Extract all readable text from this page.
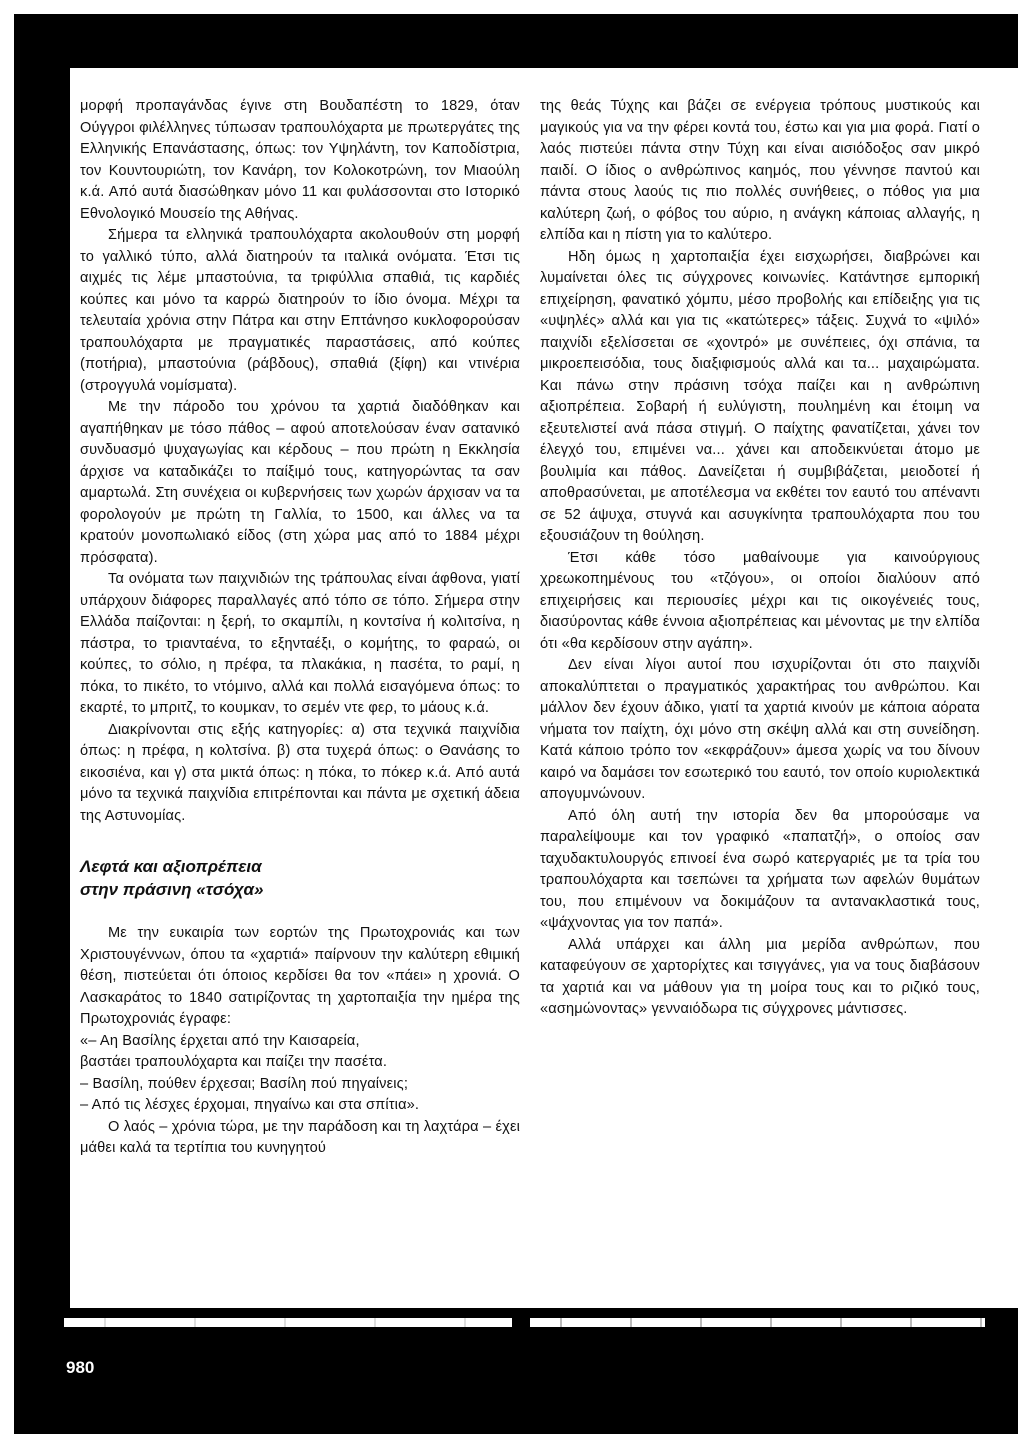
μορφή προπαγάνδας έγινε στη Βουδαπέστη το 1829, όταν Ούγγροι φιλέλληνες τύπωσαν τραπουλόχαρτα με πρωτεργάτες της Ελληνικής Επανάστασης, όπως: τον Υψηλάντη, τον Καποδίστρια, τον Κουντουριώτη, τον Κανάρη, τον Κολοκοτρώνη, τον Μιαούλη κ.ά. Από αυτά διασώθηκαν μόνο 11 και φυλάσσονται στο Ιστορικό Εθνολογικό Μουσείο της Αθήνας.

Σήμερα τα ελληνικά τραπουλόχαρτα ακολουθούν στη μορφή το γαλλικό τύπο, αλλά διατηρούν τα ιταλικά ονόματα. Έτσι τις αιχμές τις λέμε μπαστούνια, τα τριφύλλια σπαθιά, τις καρδιές κούπες και μόνο τα καρρώ διατηρούν το ίδιο όνομα. Μέχρι τα τελευταία χρόνια στην Πάτρα και στην Επτάνησο κυκλοφορούσαν τραπουλόχαρτα με πραγματικές παραστάσεις, από κούπες (ποτήρια), μπαστούνια (ράβδους), σπαθιά (ξίφη) και ντινέρια (στρογγυλά νομίσματα).

Με την πάροδο του χρόνου τα χαρτιά διαδόθηκαν και αγαπήθηκαν με τόσο πάθος – αφού αποτελούσαν έναν σατανικό συνδυασμό ψυχαγωγίας και κέρδους – που πρώτη η Εκκλησία άρχισε να καταδικάζει το παίξιμό τους, κατηγορώντας τα σαν αμαρτωλά. Στη συνέχεια οι κυβερνήσεις των χωρών άρχισαν να τα φορολογούν με πρώτη τη Γαλλία, το 1500, και άλλες να τα κρατούν μονοπωλιακό είδος (στη χώρα μας από το 1884 μέχρι πρόσφατα).

Τα ονόματα των παιχνιδιών της τράπουλας είναι άφθονα, γιατί υπάρχουν διάφορες παραλλαγές από τόπο σε τόπο. Σήμερα στην Ελλάδα παίζονται: η ξερή, το σκαμπίλι, η κοντσίνα ή κολιτσίνα, η πάστρα, το τριανταένα, το εξηνταέξι, ο κομήτης, το φαραώ, οι κούπες, το σόλιο, η πρέφα, τα πλακάκια, η πασέτα, το ραμί, η πόκα, το πικέτο, το ντόμινο, αλλά και πολλά εισαγόμενα όπως: το εκαρτέ, το μπριτζ, το κουμκαν, το σεμέν ντε φερ, το μάους κ.ά.

Διακρίνονται στις εξής κατηγορίες: α) στα τεχνικά παιχνίδια όπως: η πρέφα, η κολτσίνα. β) στα τυχερά όπως: ο Θανάσης το εικοσιένα, και γ) στα μικτά όπως: η πόκα, το πόκερ κ.ά. Από αυτά μόνο τα τεχνικά παιχνίδια επιτρέπονται και πάντα με σχετική άδεια της Αστυνομίας.

Λεφτά και αξιοπρέπεια
στην πράσινη «τσόχα»

Με την ευκαιρία των εορτών της Πρωτοχρονιάς και των Χριστουγέννων, όπου τα «χαρτιά» παίρνουν την καλύτερη εθιμική θέση, πιστεύεται ότι όποιος κερδίσει θα τον «πάει» η χρονιά. Ο Λασκαράτος το 1840 σατιρίζοντας τη χαρτοπαιξία την ημέρα της Πρωτοχρονιάς έγραφε:

«– Αη Βασίλης έρχεται από την Καισαρεία,

βαστάει τραπουλόχαρτα και παίζει την πασέτα.

– Βασίλη, πούθεν έρχεσαι; Βασίλη πού πηγαίνεις;

– Από τις λέσχες έρχομαι, πηγαίνω και στα σπίτια».

Ο λαός – χρόνια τώρα, με την παράδοση και τη λαχτάρα – έχει μάθει καλά τα τερτίπια του κυνηγητού

της θεάς Τύχης και βάζει σε ενέργεια τρόπους μυστικούς και μαγικούς για να την φέρει κοντά του, έστω και για μια φορά. Γιατί ο λαός πιστεύει πάντα στην Τύχη και είναι αισιόδοξος σαν μικρό παιδί. Ο ίδιος ο ανθρώπινος καημός, που γέννησε παντού και πάντα στους λαούς τις πιο πολλές συνήθειες, ο πόθος για μια καλύτερη ζωή, ο φόβος του αύριο, η ανάγκη κάποιας αλλαγής, η ελπίδα και η πίστη για το καλύτερο.

Ηδη όμως η χαρτοπαιξία έχει εισχωρήσει, διαβρώνει και λυμαίνεται όλες τις σύγχρονες κοινωνίες. Κατάντησε εμπορική επιχείρηση, φανατικό χόμπυ, μέσο προβολής και επίδειξης για τις «υψηλές» αλλά και για τις «κατώτερες» τάξεις. Συχνά το «ψιλό» παιχνίδι εξελίσσεται σε «χοντρό» με συνέπειες, όχι σπάνια, τα μικροεπεισόδια, τους διαξιφισμούς αλλά και τα... μαχαιρώματα. Και πάνω στην πράσινη τσόχα παίζει και η ανθρώπινη αξιοπρέπεια. Σοβαρή ή ευλύγιστη, πουλημένη και έτοιμη να εξευτελιστεί ανά πάσα στιγμή. Ο παίχτης φανατίζεται, χάνει τον έλεγχό του, επιμένει να... χάνει και αποδεικνύεται άτομο με βουλιμία και πάθος. Δανείζεται ή συμβιβάζεται, μειοδοτεί ή αποθρασύνεται, με αποτέλεσμα να εκθέτει τον εαυτό του απέναντι σε 52 άψυχα, στυγνά και ασυγκίνητα τραπουλόχαρτα που του εξουσιάζουν τη θούληση.

Έτσι κάθε τόσο μαθαίνουμε για καινούργιους χρεωκοπημένους του «τζόγου», οι οποίοι διαλύουν από επιχειρήσεις και περιουσίες μέχρι και τις οικογένειές τους, διασύροντας κάθε έννοια αξιοπρέπειας και μένοντας με την ελπίδα ότι «θα κερδίσουν στην αγάπη».

Δεν είναι λίγοι αυτοί που ισχυρίζονται ότι στο παιχνίδι αποκαλύπτεται ο πραγματικός χαρακτήρας του ανθρώπου. Και μάλλον δεν έχουν άδικο, γιατί τα χαρτιά κινούν με κάποια αόρατα νήματα τον παίχτη, όχι μόνο στη σκέψη αλλά και στη συνείδηση. Κατά κάποιο τρόπο τον «εκφράζουν» άμεσα χωρίς να του δίνουν καιρό να δαμάσει τον εσωτερικό του εαυτό, τον οποίο κυριολεκτικά απογυμνώνουν.

Από όλη αυτή την ιστορία δεν θα μπορούσαμε να παραλείψουμε και τον γραφικό «παπατζή», ο οποίος σαν ταχυδακτυλουργός επινοεί ένα σωρό κατεργαριές με τα τρία του τραπουλόχαρτα και τσεπώνει τα χρήματα των αφελών θυμάτων του, που επιμένουν να δοκιμάζουν τα αντανακλαστικά τους, «ψάχνοντας για τον παπά».

Αλλά υπάρχει και άλλη μια μερίδα ανθρώπων, που καταφεύγουν σε χαρτορίχτες και τσιγγάνες, για να τους διαβάσουν τα χαρτιά και να μάθουν για τη μοίρα τους και το ριζικό τους, «ασημώνοντας» γενναιόδωρα τις σύγχρονες μάντισσες.

980
